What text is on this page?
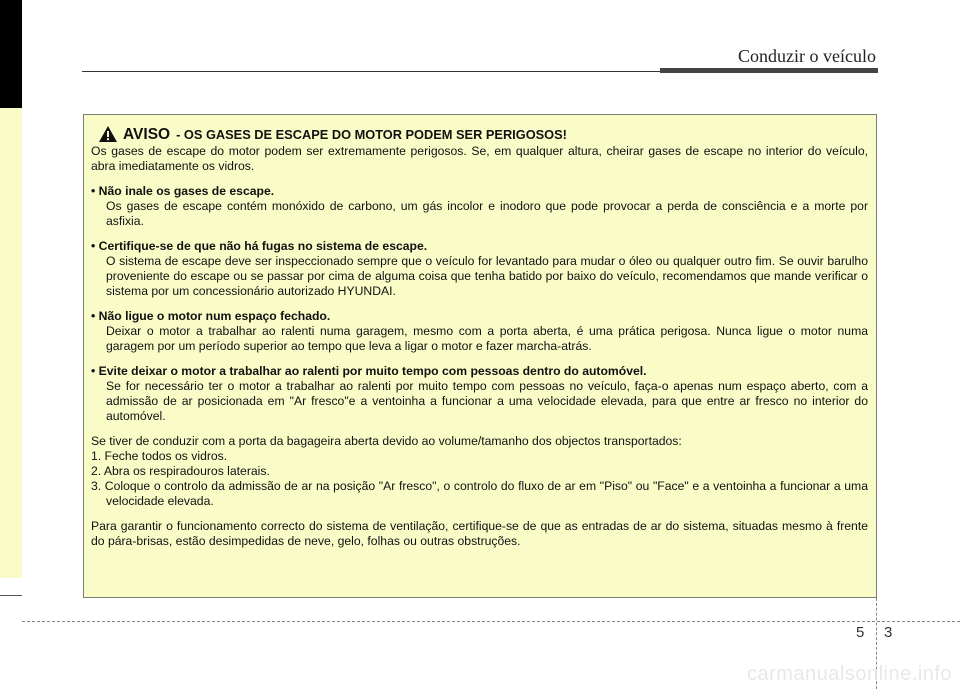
Conduzir o veículo
AVISO - OS GASES DE ESCAPE DO MOTOR PODEM SER PERIGOSOS!

Os gases de escape do motor podem ser extremamente perigosos. Se, em qualquer altura, cheirar gases de escape no interior do veículo, abra imediatamente os vidros.

• Não inale os gases de escape.

Os gases de escape contém monóxido de carbono, um gás incolor e inodoro que pode provocar a perda de consciência e a morte por asfixia.

• Certifique-se de que não há fugas no sistema de escape.

O sistema de escape deve ser inspeccionado sempre que o veículo for levantado para mudar o óleo ou qualquer outro fim. Se ouvir barulho proveniente do escape ou se passar por cima de alguma coisa que tenha batido por baixo do veículo, recomendamos que mande verificar o sistema por um concessionário autorizado HYUNDAI.

• Não ligue o motor num espaço fechado.

Deixar o motor a trabalhar ao ralenti numa garagem, mesmo com a porta aberta, é uma prática perigosa. Nunca ligue o motor numa garagem por um período superior ao tempo que leva a ligar o motor e fazer marcha-atrás.

• Evite deixar o motor a trabalhar ao ralenti por muito tempo com pessoas dentro do automóvel.

Se for necessário ter o motor a trabalhar ao ralenti por muito tempo com pessoas no veículo, faça-o apenas num espaço aberto, com a admissão de ar posicionada em "Ar fresco"e a ventoinha a funcionar a uma velocidade elevada, para que entre ar fresco no interior do automóvel.

Se tiver de conduzir com a porta da bagageira aberta devido ao volume/tamanho dos objectos transportados:

1. Feche todos os vidros.

2. Abra os respiradouros laterais.

3. Coloque o controlo da admissão de ar na posição "Ar fresco", o controlo do fluxo de ar em "Piso" ou "Face" e a ventoinha a funcionar a uma velocidade elevada.

Para garantir o funcionamento correcto do sistema de ventilação, certifique-se de que as entradas de ar do sistema, situadas mesmo à frente do pára-brisas, estão desimpedidas de neve, gelo, folhas ou outras obstruções.

5 3
carmanualsonline.info
